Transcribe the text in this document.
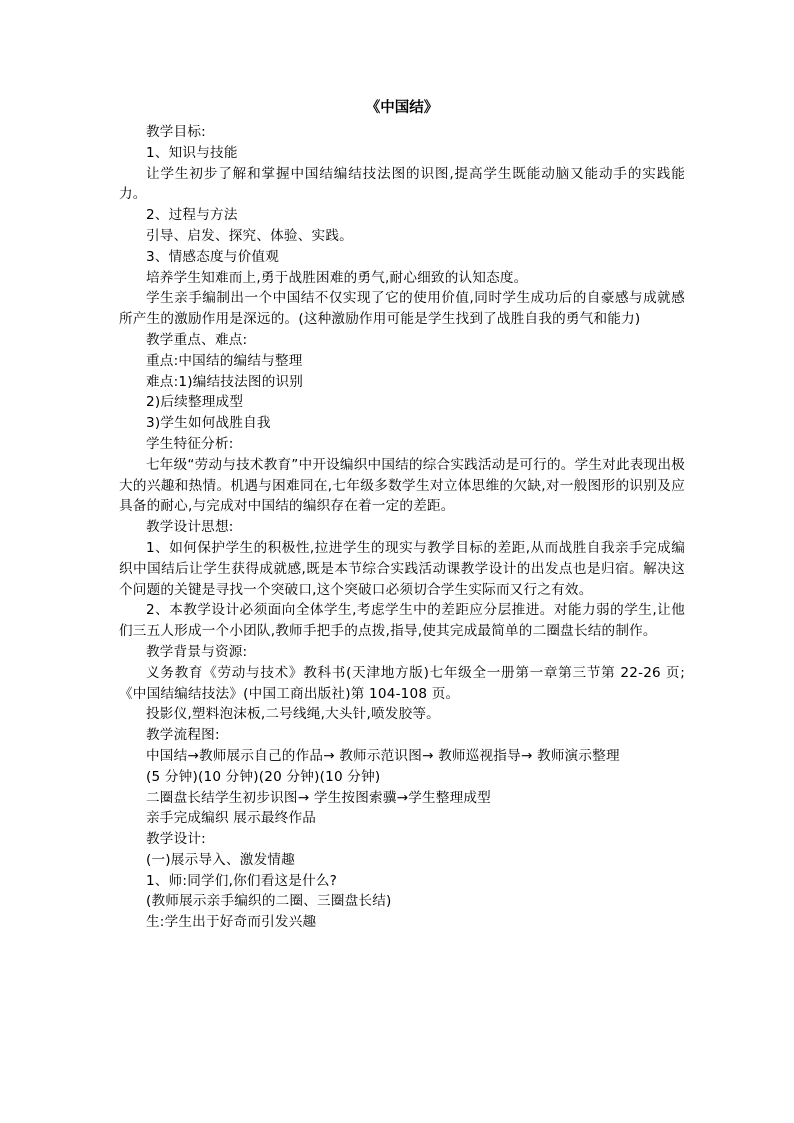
《中国结》
教学目标:
1、知识与技能
让学生初步了解和掌握中国结编结技法图的识图,提高学生既能动脑又能动手的实践能力。
2、过程与方法
引导、启发、探究、体验、实践。
3、情感态度与价值观
培养学生知难而上,勇于战胜困难的勇气,耐心细致的认知态度。
学生亲手编制出一个中国结不仅实现了它的使用价值,同时学生成功后的自豪感与成就感所产生的激励作用是深远的。(这种激励作用可能是学生找到了战胜自我的勇气和能力)
教学重点、难点:
重点:中国结的编结与整理
难点:1)编结技法图的识别
2)后续整理成型
3)学生如何战胜自我
学生特征分析:
七年级“劳动与技术教育”中开设编织中国结的综合实践活动是可行的。学生对此表现出极大的兴趣和热情。机遇与困难同在,七年级多数学生对立体思维的欠缺,对一般图形的识别及应具备的耐心,与完成对中国结的编织存在着一定的差距。
教学设计思想:
1、如何保护学生的积极性,拉进学生的现实与教学目标的差距,从而战胜自我亲手完成编织中国结后让学生获得成就感,既是本节综合实践活动课教学设计的出发点也是归宿。解决这个问题的关键是寻找一个突破口,这个突破口必须切合学生实际而又行之有效。
2、本教学设计必须面向全体学生,考虑学生中的差距应分层推进。对能力弱的学生,让他们三五人形成一个小团队,教师手把手的点拨,指导,使其完成最简单的二圈盘长结的制作。
教学背景与资源:
义务教育《劳动与技术》教科书(天津地方版)七年级全一册第一章第三节第 22-26 页;《中国结编结技法》(中国工商出版社)第 104-108 页。
投影仪,塑料泡沫板,二号线绳,大头针,喷发胶等。
教学流程图:
中国结→教师展示自己的作品→ 教师示范识图→ 教师巡视指导→ 教师演示整理
(5 分钟)(10 分钟)(20 分钟)(10 分钟)
二圈盘长结学生初步识图→ 学生按图索骥→学生整理成型
亲手完成编织 展示最终作品
教学设计:
(一)展示导入、激发情趣
1、师:同学们,你们看这是什么?
(教师展示亲手编织的二圈、三圈盘长结)
生:学生出于好奇而引发兴趣
